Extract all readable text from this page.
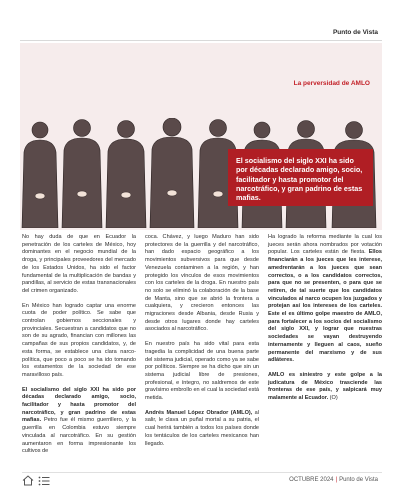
Punto de Vista
La perversidad de AMLO

El socialismo del siglo XXI ha sido por décadas declarado amigo, socio, facilitador y hasta promotor del narcotráfico, y gran padrino de estas mafias.

No hay duda de que en Ecuador la penetración de los carteles de México, hoy dominantes en el negocio mundial de la droga, y principales proveedores del mercado de los Estados Unidos, ha sido el factor fundamental de la multiplicación de bandas y pandillas, al servicio de estas transnacionales del crimen organizado.

En México han logrado captar una enorme cuota de poder político. Se sabe que controlan gobiernos seccionales y provinciales. Secuestran a candidatos que no son de su agrado, financian con millones las campañas de sus propios candidatos, y, de esta forma, se establece una clara narco-política, que poco a poco se ha ido tomando los estamentos de la sociedad de ese maravilloso país.

El socialismo del siglo XXI ha sido por décadas declarado amigo, socio, facilitador y hasta promotor del narcotráfico, y gran padrino de estas mafias. Petro fue él mismo guerrillero, y la guerrilla en Colombia estuvo siempre vinculada al narcotráfico. En su gestión aumentaron en forma impresionante los cultivos de

coca. Chávez, y luego Maduro han sido protectores de la guerrilla y del narcotráfico, han dado espacio geográfico a los movimientos subversivos para que desde Venezuela contaminen a la región, y han protegido los vínculos de esos movimientos con los carteles de la droga. En nuestro país no solo se eliminó la colaboración de la base de Manta, sino que se abrió la frontera a cualquiera, y crecieron entonces las migraciones desde Albania, desde Rusia y desde otros lugares donde hay carteles asociados al narcotráfico.

En nuestro país ha sido vital para esta tragedia la complicidad de una buena parte del sistema judicial, operado como ya se sabe por políticos. Siempre se ha dicho que sin un sistema judicial libre de presiones, profesional, e íntegro, no saldremos de este gravísimo embrollo en el cual la sociedad está metida.

Andrés Manuel López Obrador (AMLO), al salir, le clava un puñal mortal a su patria, el cual herirá también a todos los países donde los tentáculos de los carteles mexicanos han llegado.

Ha logrado la reforma mediante la cual los jueces serán ahora nombrados por votación popular. Los carteles están de fiesta. Ellos financiarán a los jueces que les interese, amedrentarán a los jueces que sean correctos, o a los candidatos correctos, para que no se presenten, o para que se retiren, de tal suerte que los candidatos vinculados al narco ocupen los juzgados y protejan así los intereses de los carteles. Este el es último golpe maestro de AMLO, para fortalecer a los socios del socialismo del siglo XXI, y lograr que nuestras sociedades se vayan destruyendo internamente y lleguen al caos, sueño permanente del marxismo y de sus adláteres.

AMLO es siniestro y este golpe a la judicatura de México trasciende las fronteras de ese país, y salpicará muy malamente al Ecuador. (O)

OCTUBRE 2024 | Punto de Vista
